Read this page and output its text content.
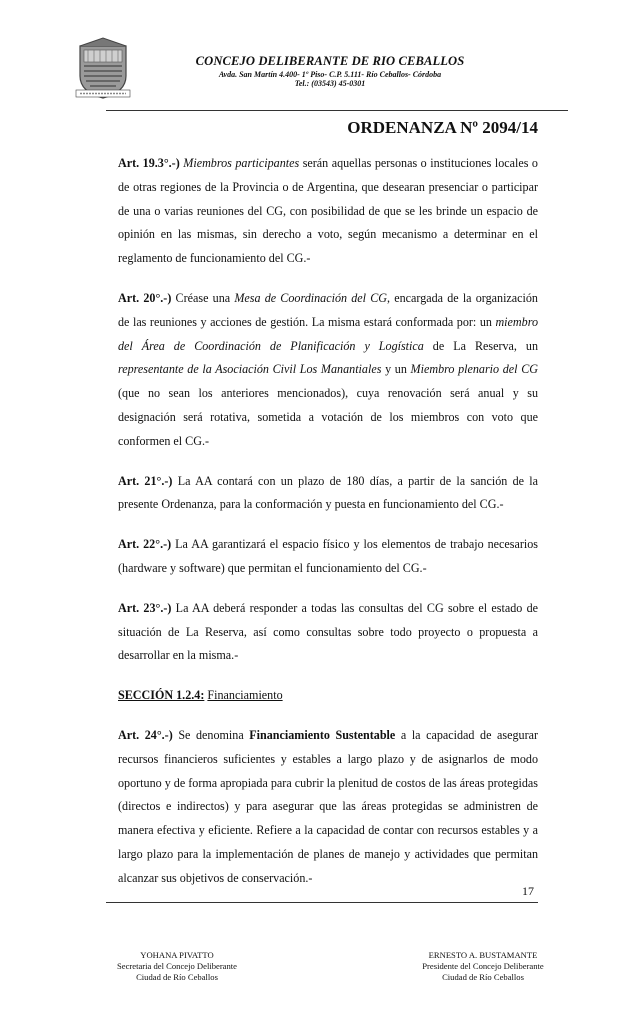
CONCEJO DELIBERANTE DE RIO CEBALLOS
Avda. San Martín 4.400- 1º Piso- C.P. 5.111- Río Ceballos- Córdoba
Tel.: (03543) 45-0301
ORDENANZA Nº 2094/14

Art. 19.3°.-) Miembros participantes serán aquellas personas o instituciones locales o de otras regiones de la Provincia o de Argentina, que desearan presenciar o participar de una o varias reuniones del CG, con posibilidad de que se les brinde un espacio de opinión en las mismas, sin derecho a voto, según mecanismo a determinar en el reglamento de funcionamiento del CG.-

Art. 20°.-) Créase una Mesa de Coordinación del CG, encargada de la organización de las reuniones y acciones de gestión. La misma estará conformada por: un miembro del Área de Coordinación de Planificación y Logística de La Reserva, un representante de la Asociación Civil Los Manantiales y un Miembro plenario del CG (que no sean los anteriores mencionados), cuya renovación será anual y su designación será rotativa, sometida a votación de los miembros con voto que conformen el CG.-

Art. 21°.-) La AA contará con un plazo de 180 días, a partir de la sanción de la presente Ordenanza, para la conformación y puesta en funcionamiento del CG.-

Art. 22°.-) La AA garantizará el espacio físico y los elementos de trabajo necesarios (hardware y software) que permitan el funcionamiento del CG.-

Art. 23°.-) La AA deberá responder a todas las consultas del CG sobre el estado de situación de La Reserva, así como consultas sobre todo proyecto o propuesta a desarrollar en la misma.-

SECCIÓN 1.2.4: Financiamiento

Art. 24°.-) Se denomina Financiamiento Sustentable a la capacidad de asegurar recursos financieros suficientes y estables a largo plazo y de asignarlos de modo oportuno y de forma apropiada para cubrir la plenitud de costos de las áreas protegidas (directos e indirectos) y para asegurar que las áreas protegidas se administren de manera efectiva y eficiente. Refiere a la capacidad de contar con recursos estables y a largo plazo para la implementación de planes de manejo y actividades que permitan alcanzar sus objetivos de conservación.-

17
YOHANA PIVATTO
Secretaria del Concejo Deliberante
Ciudad de Río Ceballos
ERNESTO A. BUSTAMANTE
Presidente del Concejo Deliberante
Ciudad de Río Ceballos
